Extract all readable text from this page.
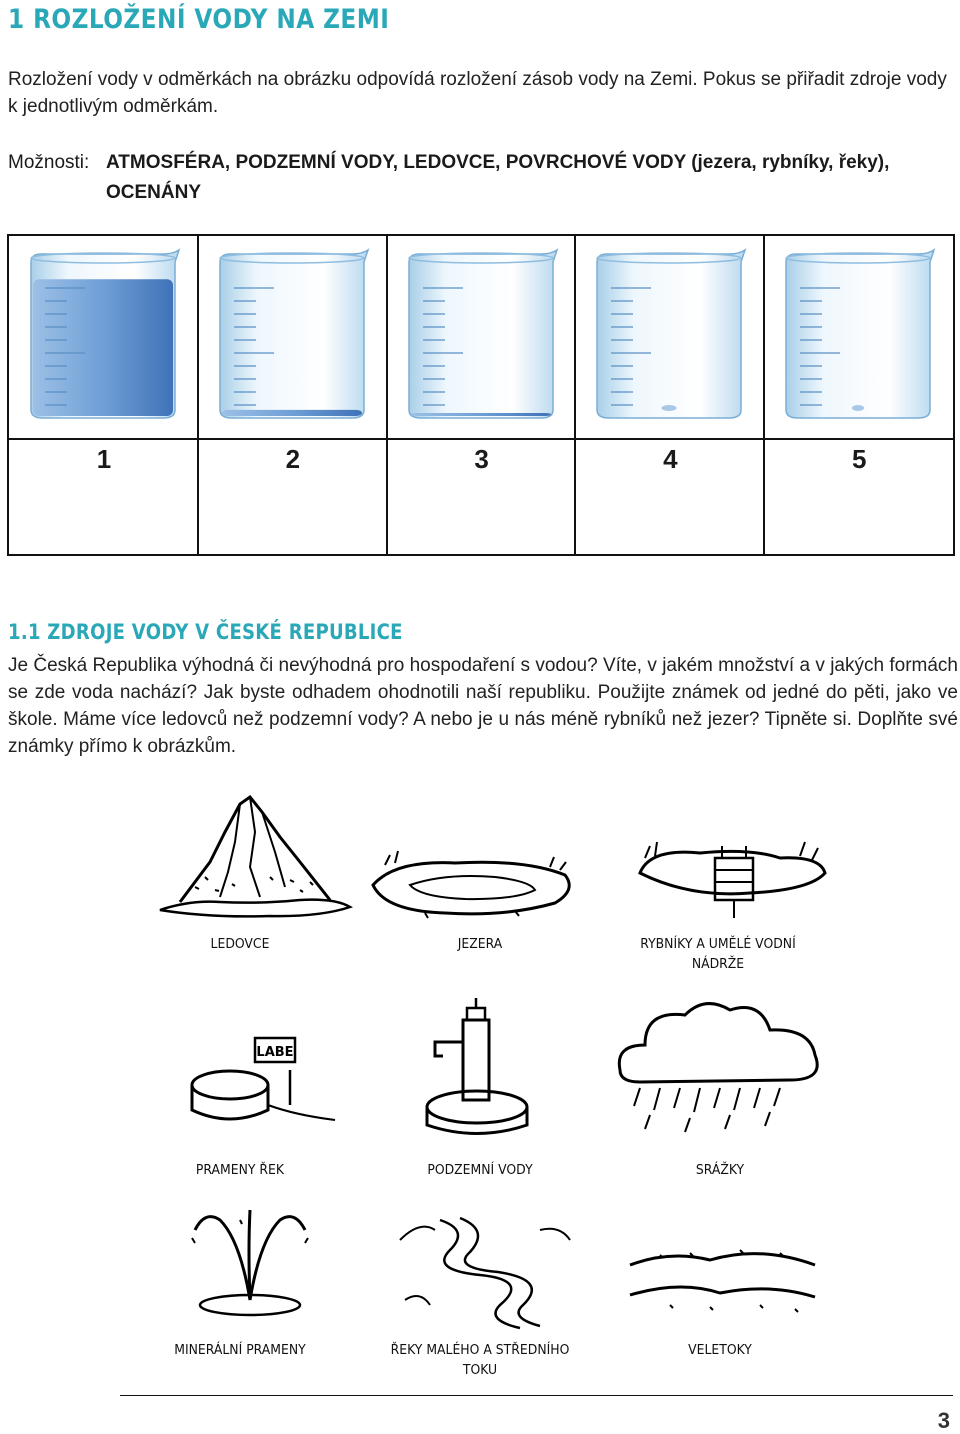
1 ROZLOŽENÍ VODY NA ZEMI

Rozložení vody v odměrkách na obrázku odpovídá rozložení zásob vody na Zemi. Pokus se přiřadit zdroje vody k jednotlivým odměrkám.

Možnosti: ATMOSFÉRA, PODZEMNÍ VODY, LEDOVCE, POVRCHOVÉ VODY (jezera, rybníky, řeky), OCENÁNY
1	2	3	4	5
1.1 ZDROJE VODY V ČESKÉ REPUBLICE

Je Česká Republika výhodná či nevýhodná pro hospodaření s vodou? Víte, v jakém množství a v jakých formách se zde voda nachází? Jak byste odhadem ohodnotili naší republiku. Použijte známek od jedné do pěti, jako ve škole. Máme více ledovců než podzemní vody? A nebo je u nás méně rybníků než jezer? Tipněte si. Doplňte své známky přímo k obrázkům.

LEDOVCE	JEZERA	RYBNÍKY A UMĚLÉ VODNÍ NÁDRŽE
LABE
PRAMENY ŘEK	PODZEMNÍ VODY	SRÁŽKY
MINERÁLNÍ PRAMENY	ŘEKY MALÉHO A STŘEDNÍHO TOKU
VELETOKY
3
